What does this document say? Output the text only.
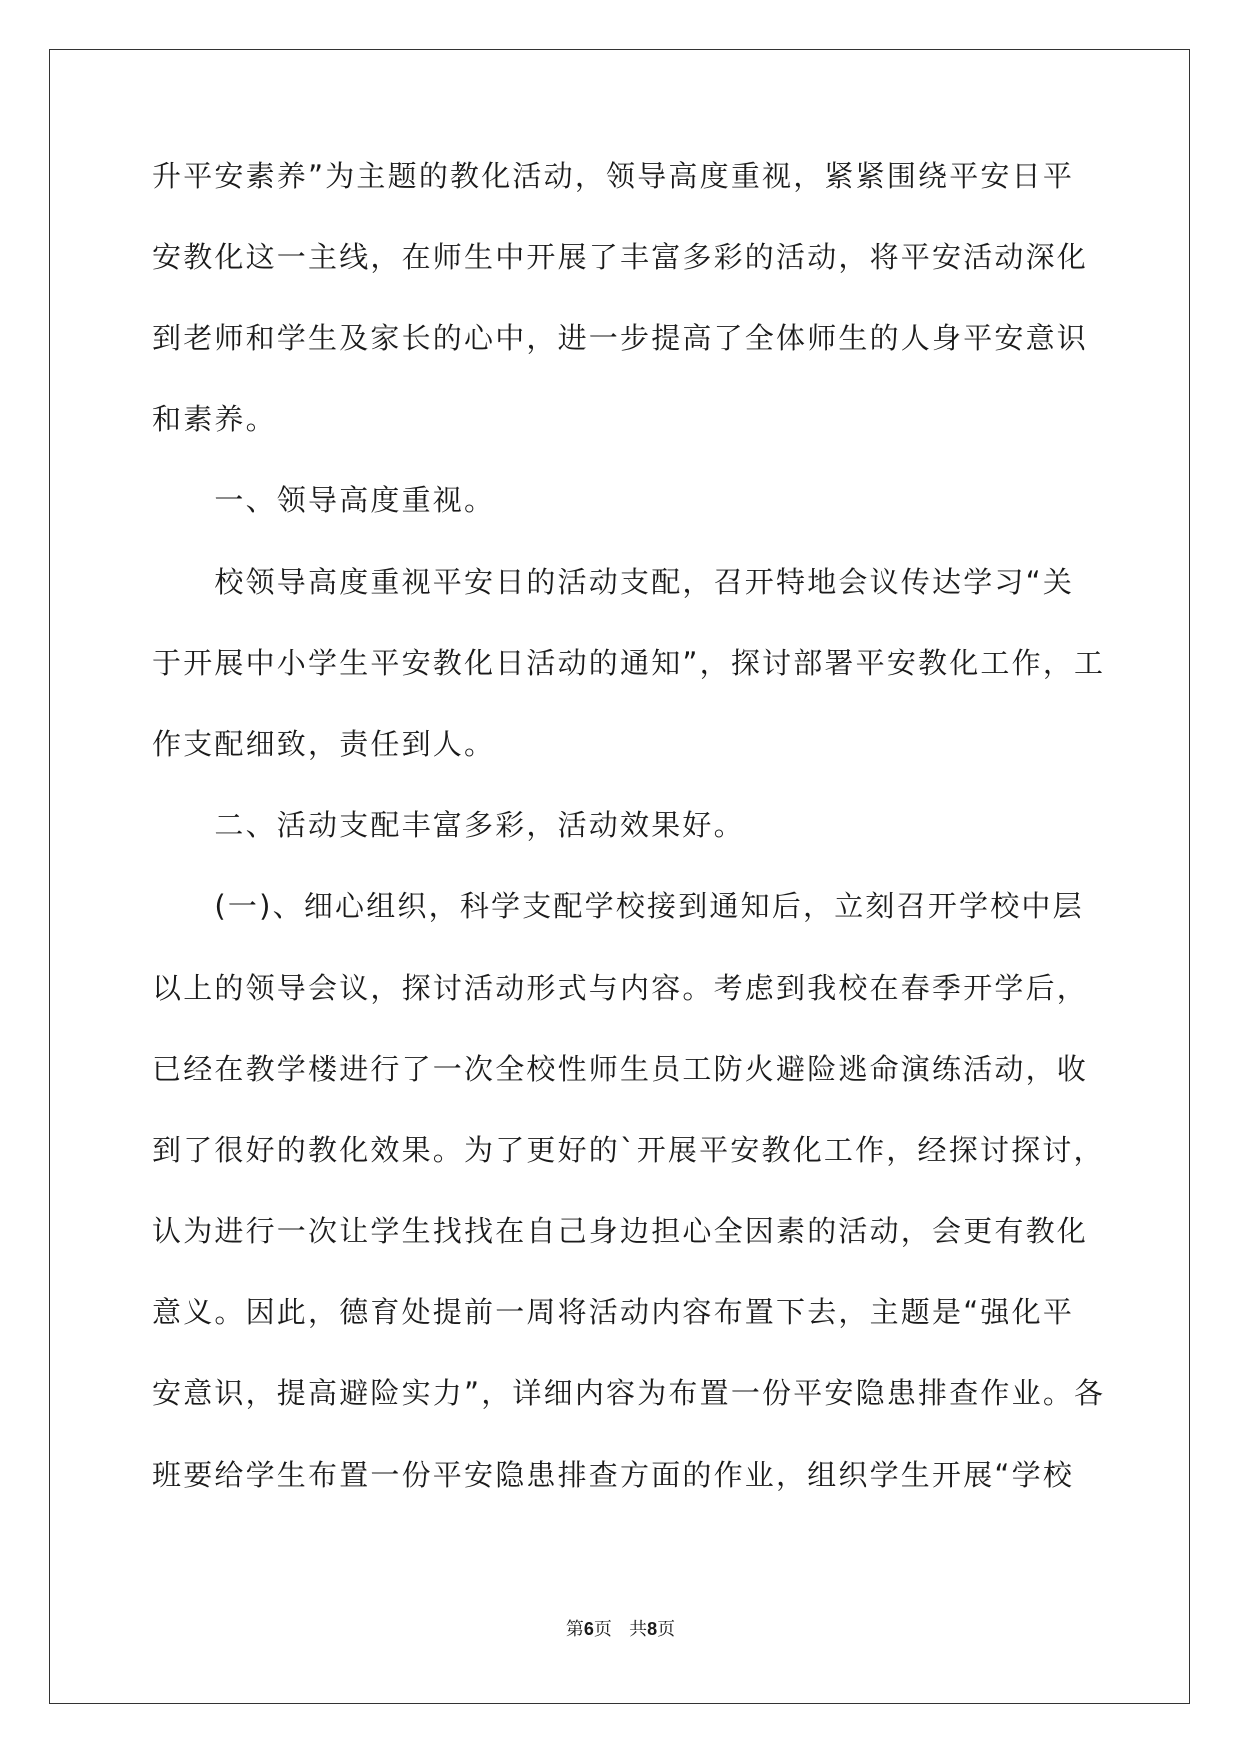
升平安素养”为主题的教化活动，领导高度重视，紧紧围绕平安日平
安教化这一主线，在师生中开展了丰富多彩的活动，将平安活动深化
到老师和学生及家长的心中，进一步提高了全体师生的人身平安意识
和素养。
　　一、领导高度重视。
　　校领导高度重视平安日的活动支配，召开特地会议传达学习“关
于开展中小学生平安教化日活动的通知”，探讨部署平安教化工作，工
作支配细致，责任到人。
　　二、活动支配丰富多彩，活动效果好。
　　(一)、细心组织，科学支配学校接到通知后，立刻召开学校中层
以上的领导会议，探讨活动形式与内容。考虑到我校在春季开学后，
已经在教学楼进行了一次全校性师生员工防火避险逃命演练活动，收
到了很好的教化效果。为了更好的`开展平安教化工作，经探讨探讨，
认为进行一次让学生找找在自己身边担心全因素的活动，会更有教化
意义。因此，德育处提前一周将活动内容布置下去，主题是“强化平
安意识，提高避险实力”，详细内容为布置一份平安隐患排查作业。各
班要给学生布置一份平安隐患排查方面的作业，组织学生开展“学校
第6页 共8页
